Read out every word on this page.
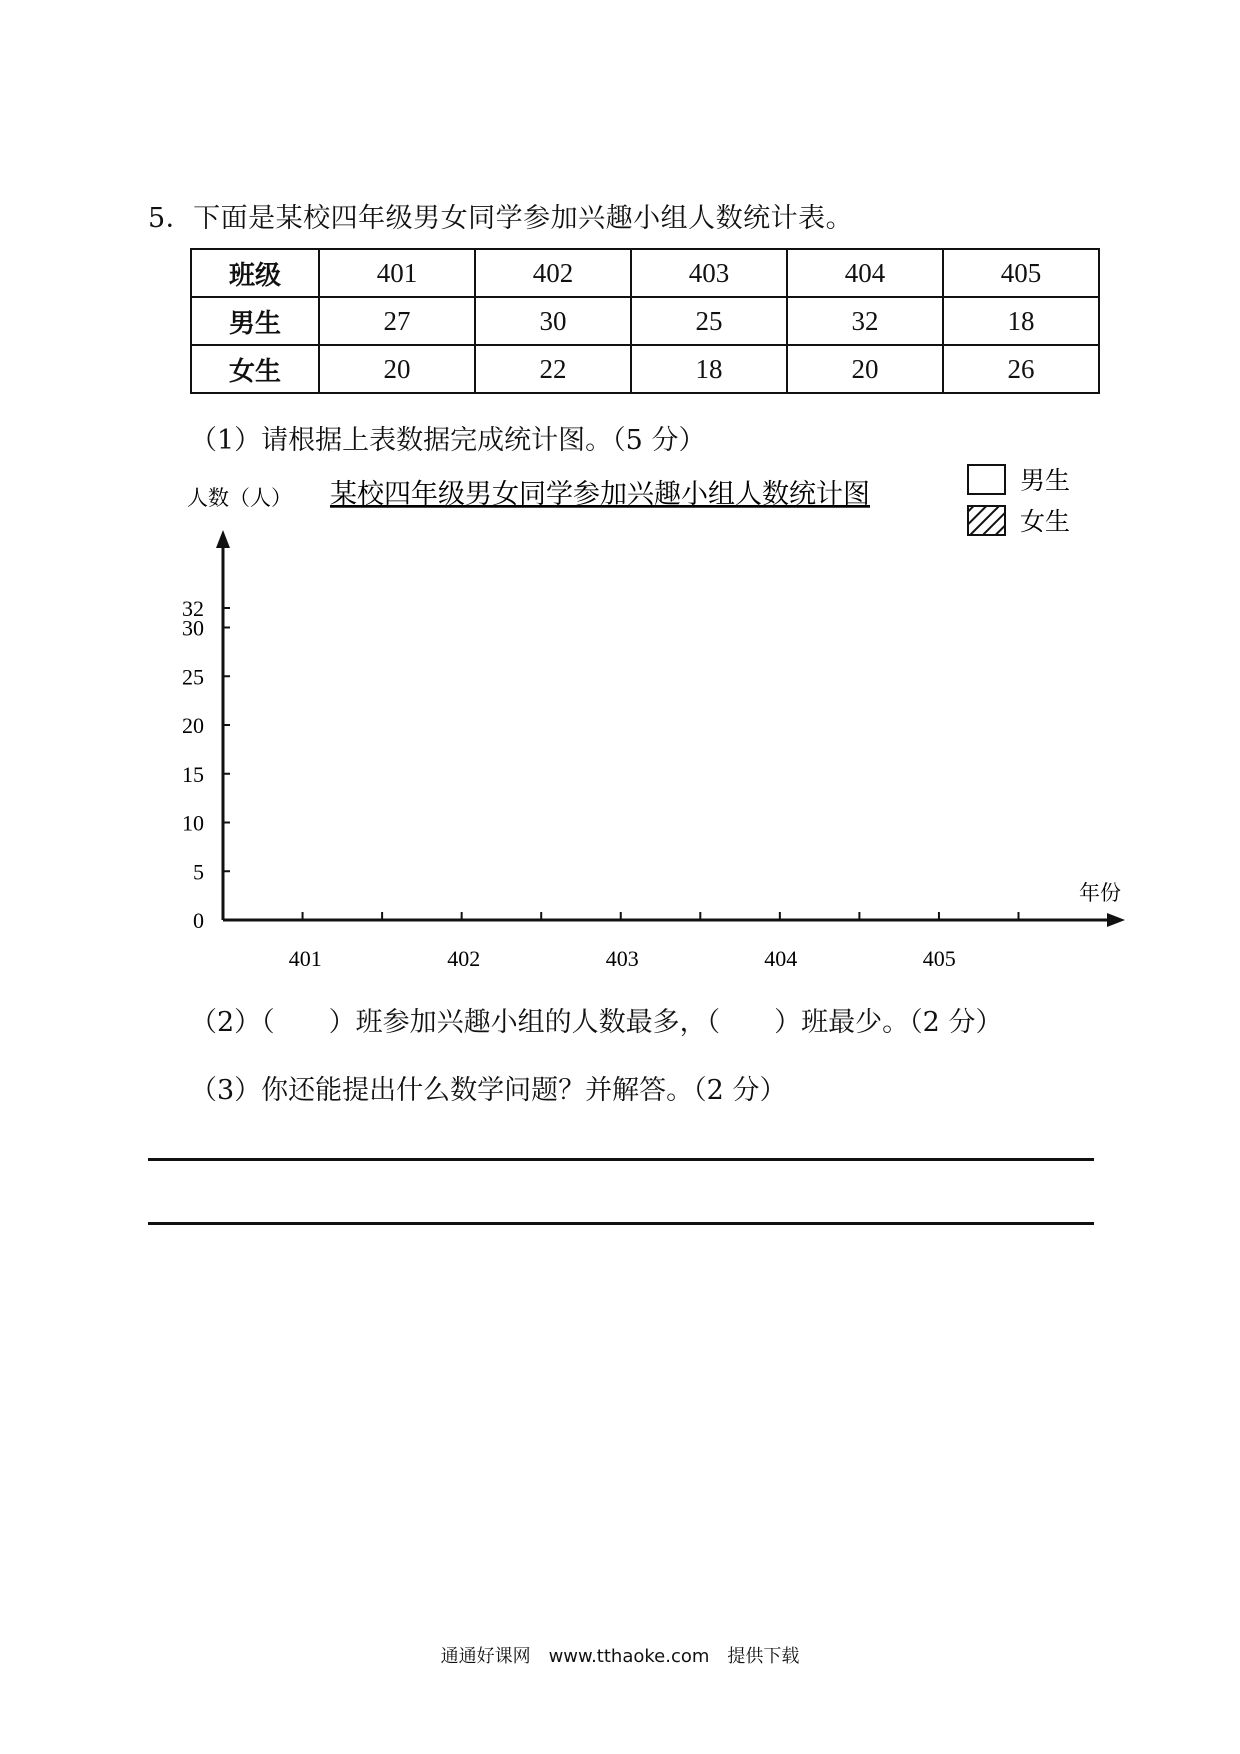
5．下面是某校四年级男女同学参加兴趣小组人数统计表。
班级	401	402	403	404	405
男生	27	30	25	32	18
女生	20	22	18	20	26
（1）请根据上表数据完成统计图。（5 分）
人数（人） 某校四年级男女同学参加兴趣小组人数统计图	男生
女生
年份
0
5
10
15
20
25
30
32
401	402	403	404	405
（2）（　　）班参加兴趣小组的人数最多，（　　）班最少。（2 分）
（3）你还能提出什么数学问题？并解答。（2 分）
通通好课网　www.tthaoke.com　提供下载
